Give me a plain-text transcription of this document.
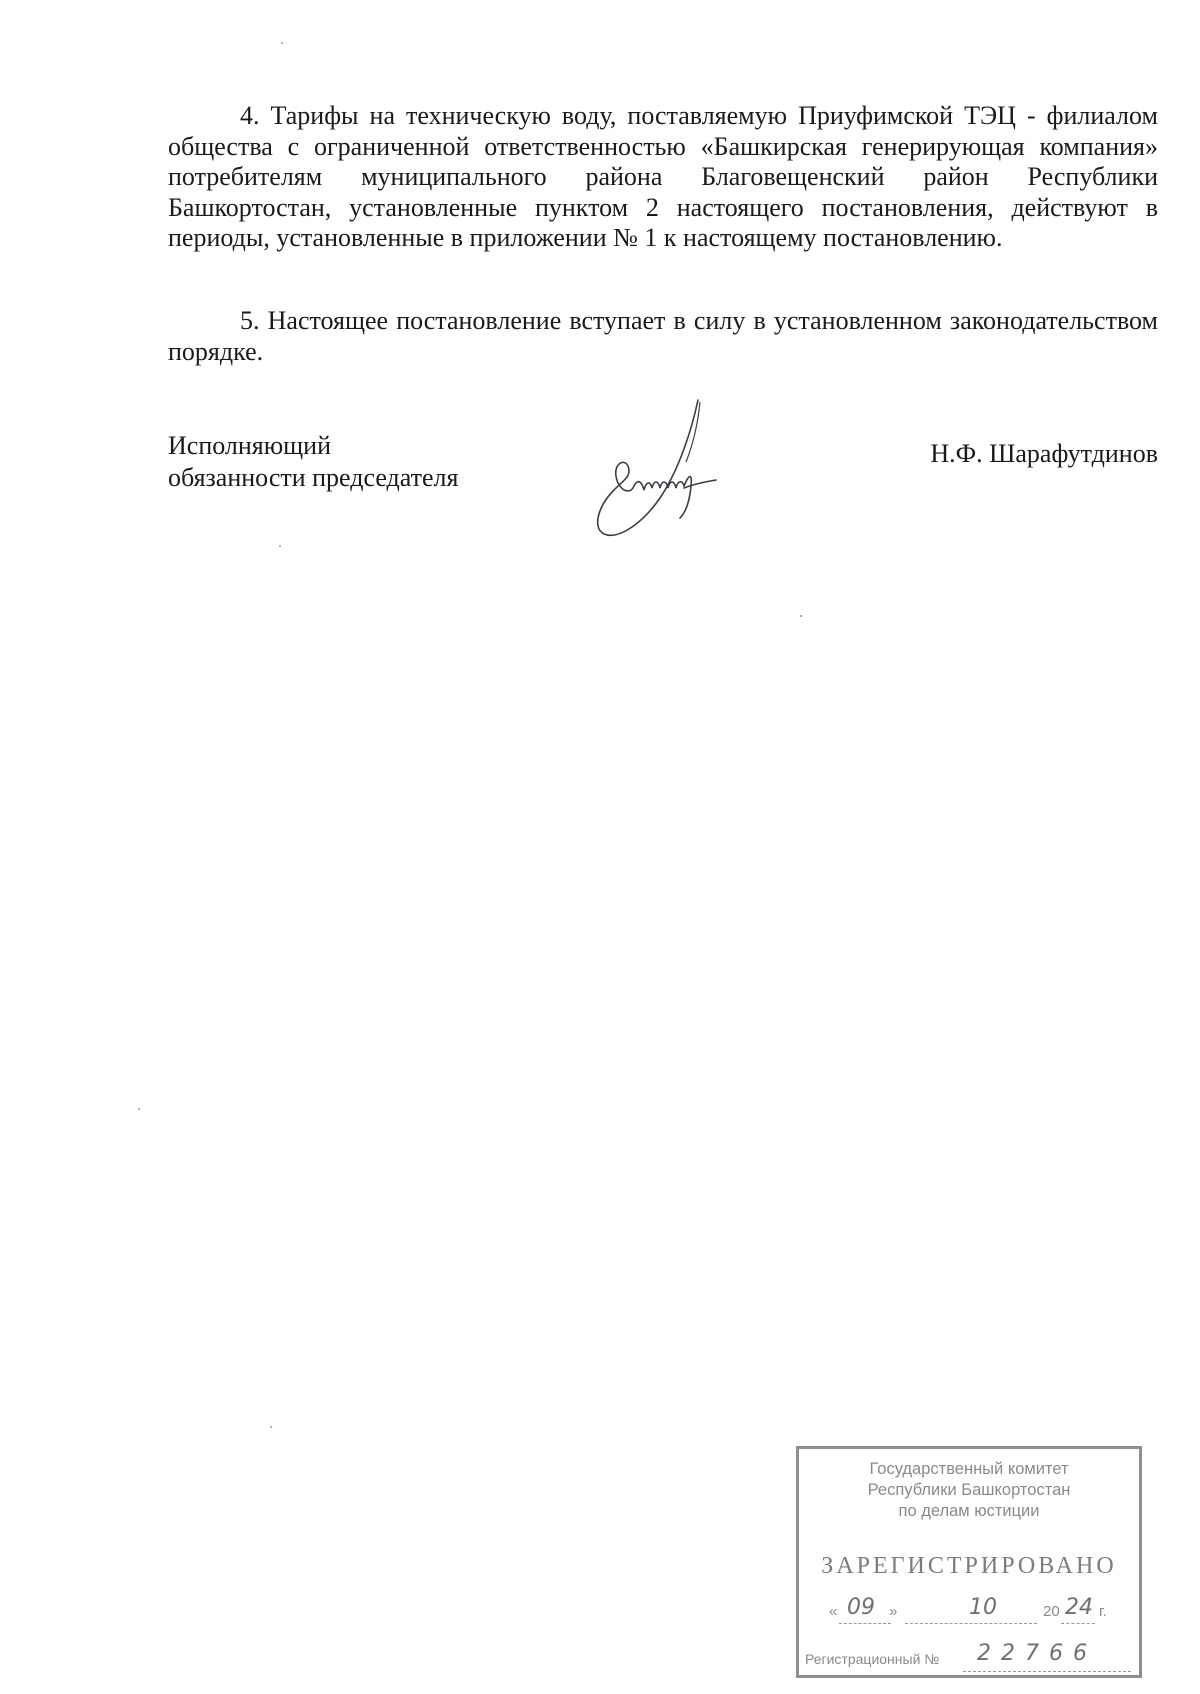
4. Тарифы на техническую воду, поставляемую Приуфимской ТЭЦ - филиалом общества с ограниченной ответственностью «Башкирская генерирующая компания» потребителям муниципального района Благовещенский район Республики Башкортостан, установленные пунктом 2 настоящего постановления, действуют в периоды, установленные в приложении № 1 к настоящему постановлению.

5. Настоящее постановление вступает в силу в установленном законодательством порядке.

Исполняющий
обязанности председателя
Н.Ф. Шарафутдинов
Государственный комитет
Республики Башкортостан
по делам юстиции
ЗАРЕГИСТРИРОВАНО
« 09 »	10	20 24 г.
Регистрационный № 22766
